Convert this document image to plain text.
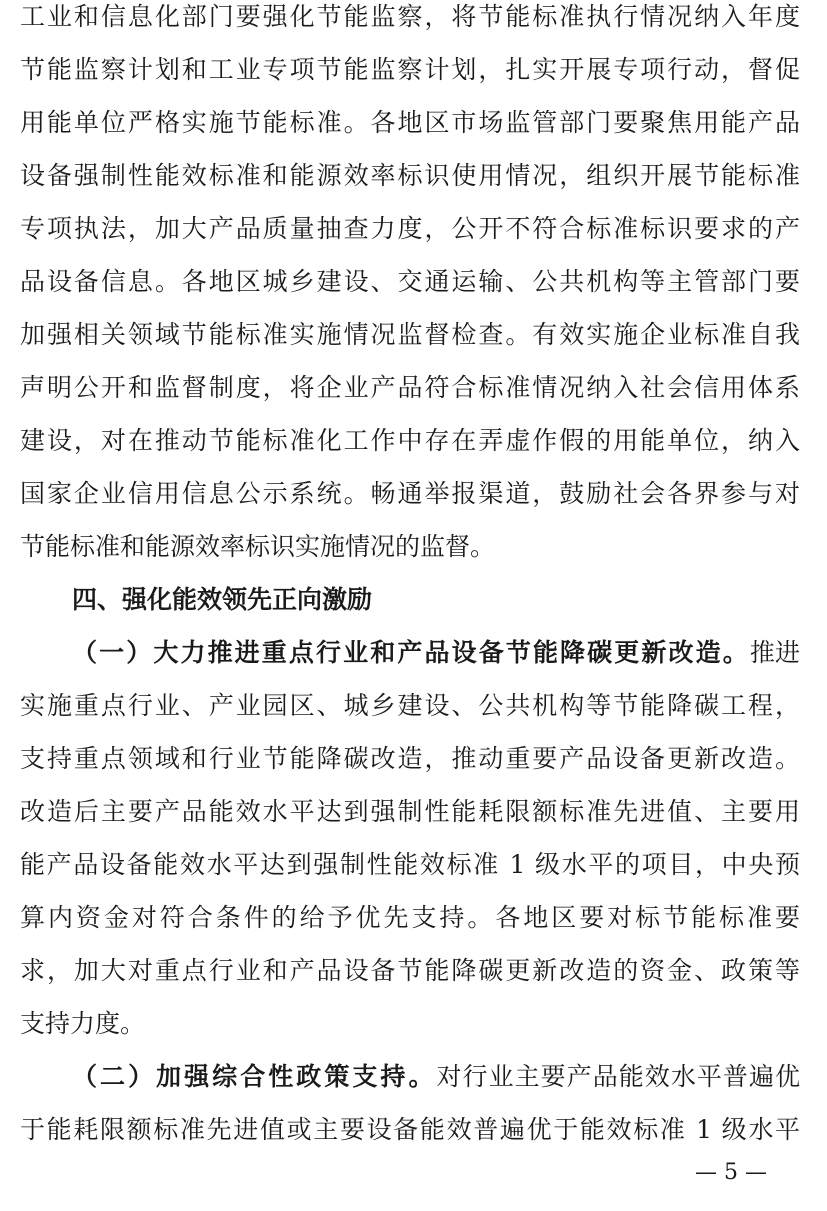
工业和信息化部门要强化节能监察，将节能标准执行情况纳入年度
节能监察计划和工业专项节能监察计划，扎实开展专项行动，督促
用能单位严格实施节能标准。各地区市场监管部门要聚焦用能产品
设备强制性能效标准和能源效率标识使用情况，组织开展节能标准
专项执法，加大产品质量抽查力度，公开不符合标准标识要求的产
品设备信息。各地区城乡建设、交通运输、公共机构等主管部门要
加强相关领域节能标准实施情况监督检查。有效实施企业标准自我
声明公开和监督制度，将企业产品符合标准情况纳入社会信用体系
建设，对在推动节能标准化工作中存在弄虚作假的用能单位，纳入
国家企业信用信息公示系统。畅通举报渠道，鼓励社会各界参与对
节能标准和能源效率标识实施情况的监督。
四、强化能效领先正向激励
（一）大力推进重点行业和产品设备节能降碳更新改造。推进
实施重点行业、产业园区、城乡建设、公共机构等节能降碳工程，
支持重点领域和行业节能降碳改造，推动重要产品设备更新改造。
改造后主要产品能效水平达到强制性能耗限额标准先进值、主要用
能产品设备能效水平达到强制性能效标准 1 级水平的项目，中央预
算内资金对符合条件的给予优先支持。各地区要对标节能标准要
求，加大对重点行业和产品设备节能降碳更新改造的资金、政策等
支持力度。
（二）加强综合性政策支持。对行业主要产品能效水平普遍优
于能耗限额标准先进值或主要设备能效普遍优于能效标准 1 级水平
— 5 —
